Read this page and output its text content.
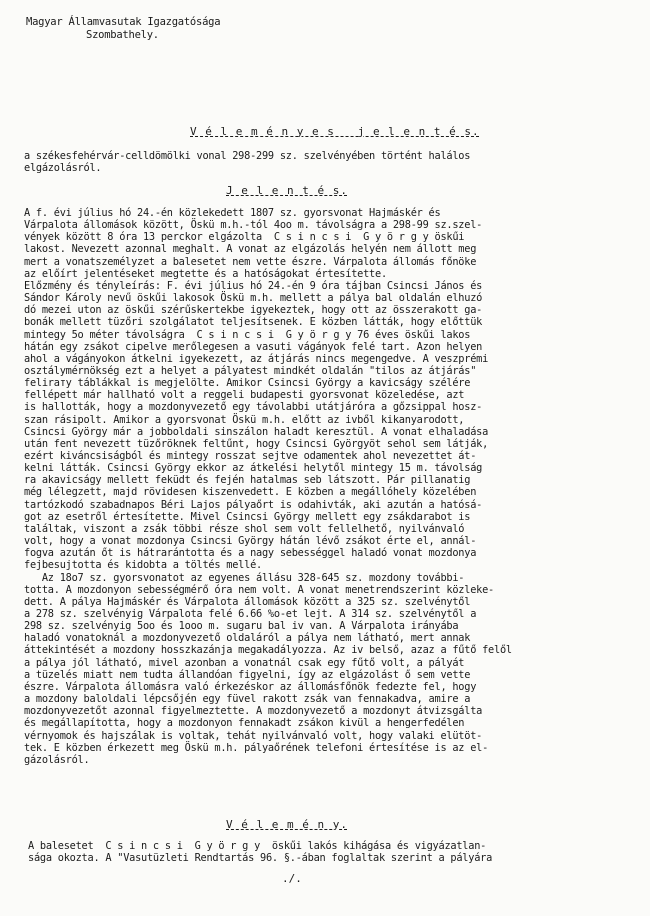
Magyar Államvasutak Igazgatósága
Szombathely.
V é l e m é n y e s   j e l e n t é s.
a székesfehérvár-celldömölki vonal 298-299 sz. szelvényében történt halálos
elgázolásról.
J e l e n t é s.
A f. évi július hó 24.-én közlekedett 1807 sz. gyorsvonat Hajmáskér és
Várpalota állomások között, Öskü m.h.-tól 4oo m. távolságra a 298-99 sz.szel-
vények között 8 óra 13 perckor elgázolta  C s i n c s i  G y ö r g y öskűi
lakost. Nevezett azonnal meghalt. A vonat az elgázolás helyén nem állott meg
mert a vonatszemélyzet a balesetet nem vette észre. Várpalota állomás főnöke
az előírt jelentéseket megtette és a hatóságokat értesítette.
Előzmény és tényleírás: F. évi július hó 24.-én 9 óra tájban Csincsi János és
Sándor Károly nevű öskűi lakosok Öskü m.h. mellett a pálya bal oldalán elhuzó
dó mezei uton az öskűi szérűskertekbe igyekeztek, hogy ott az összerakott ga-
bonák mellett tüzőri szolgálatot teljesítsenek. E közben látták, hogy előttük
mintegy 5o méter távolságra  C s i n c s i  G y ö r g y 76 éves öskűi lakos
hátán egy zsákot cipelve merőlegesen a vasuti vágányok felé tart. Azon helyen
ahol a vágányokon átkelni igyekezett, az átjárás nincs megengedve. A veszprémi
osztálymérnökség ezt a helyet a pályatest mindkét oldalán "tilos az átjárás"
felirату táblákkal is megjelölte. Amikor Csincsi György a kavicságy szélére
fellépett már hallható volt a reggeli budapesti gyorsvonat közeledése, azt
is hallották, hogy a mozdonyvezető egy távolabbi utátjáróra a gőzsippal hosz-
szan rásipolt. Amikor a gyorsvonat Öskü m.h. előtt az ivből kikanyarodott,
Csincsi György már a jobboldali sinszálon haladt keresztül. A vonat elhaladása
után fent nevezett tüzőröknek feltűnt, hogy Csincsi Györgyöt sehol sem látják,
ezért kiváncsiságból és mintegy rosszat sejtve odamentek ahol nevezettet át-
kelni látták. Csincsi György ekkor az átkelési helytől mintegy 15 m. távolság
ra akavicságy mellett feküdt és fején hatalmas seb látszott. Pár pillanatig
még lélegzett, majd rövidesen kiszenvedett. E közben a megállóhely közelében
tartózkodó szabadnapos Béri Lajos pályaőrt is odahivták, aki azután a hatósá-
got az esetről értesítette. Mivel Csincsi György mellett egy zsákdarabot is
találtak, viszont a zsák többi része shol sem volt fellelhető, nyilvánvaló
volt, hogy a vonat mozdonya Csincsi György hátán lévő zsákot érte el, annál-
fogva azután őt is hátrarántotta és a nagy sebességgel haladó vonat mozdonya
fejbesujtotta és kidobta a töltés mellé.
Az 18o7 sz. gyorsvonatot az egyenes állásu 328-645 sz. mozdony további-
totta. A mozdonyon sebességmérő óra nem volt. A vonat menetrendszerint közleke-
dett. A pálya Hajmáskér és Várpalota állomások között a 325 sz. szelvénytől
a 278 sz. szelvényig Várpalota felé 6.66 %o-et lejt. A 314 sz. szelvénytől a
298 sz. szelvényig 5oo és 1ooo m. sugaru bal iv van. A Várpalota irányába
haladó vonatoknál a mozdonyvezető oldaláról a pálya nem látható, mert annak
áttekintését a mozdony hosszkazánja megakadályozza. Az iv belső, azaz a fűtő felől
a pálya jól látható, mivel azonban a vonatnál csak egy fűtő volt, a pályát
a tüzelés miatt nem tudta állandóan figyelni, így az elgázolást ő sem vette
észre. Várpalota állomásra való érkezéskor az állomásfőnök fedezte fel, hogy
a mozdony baloldali lépcsőjén egy füvel rakott zsák van fennakadva, amire a
mozdonyvezetőt azonnal figyelmeztette. A mozdonyvezető a mozdonyt átvizsgálta
és megállapította, hogy a mozdonyon fennakadt zsákon kivül a hengerfedélen
vérnyomok és hajszálak is voltak, tehát nyilvánvaló volt, hogy valaki elütöt-
tek. E közben érkezett meg Öskü m.h. pályaőrének telefoni értesítése is az el-
gázolásról.
V é l e m é n y.
A balesetet  C s i n c s i  G y ö r g y  öskűi lakós kihágása és vigyázatlan-
sága okozta. A "Vasutüzleti Rendtartás 96. §.-ában foglaltak szerint a pályára
./.
